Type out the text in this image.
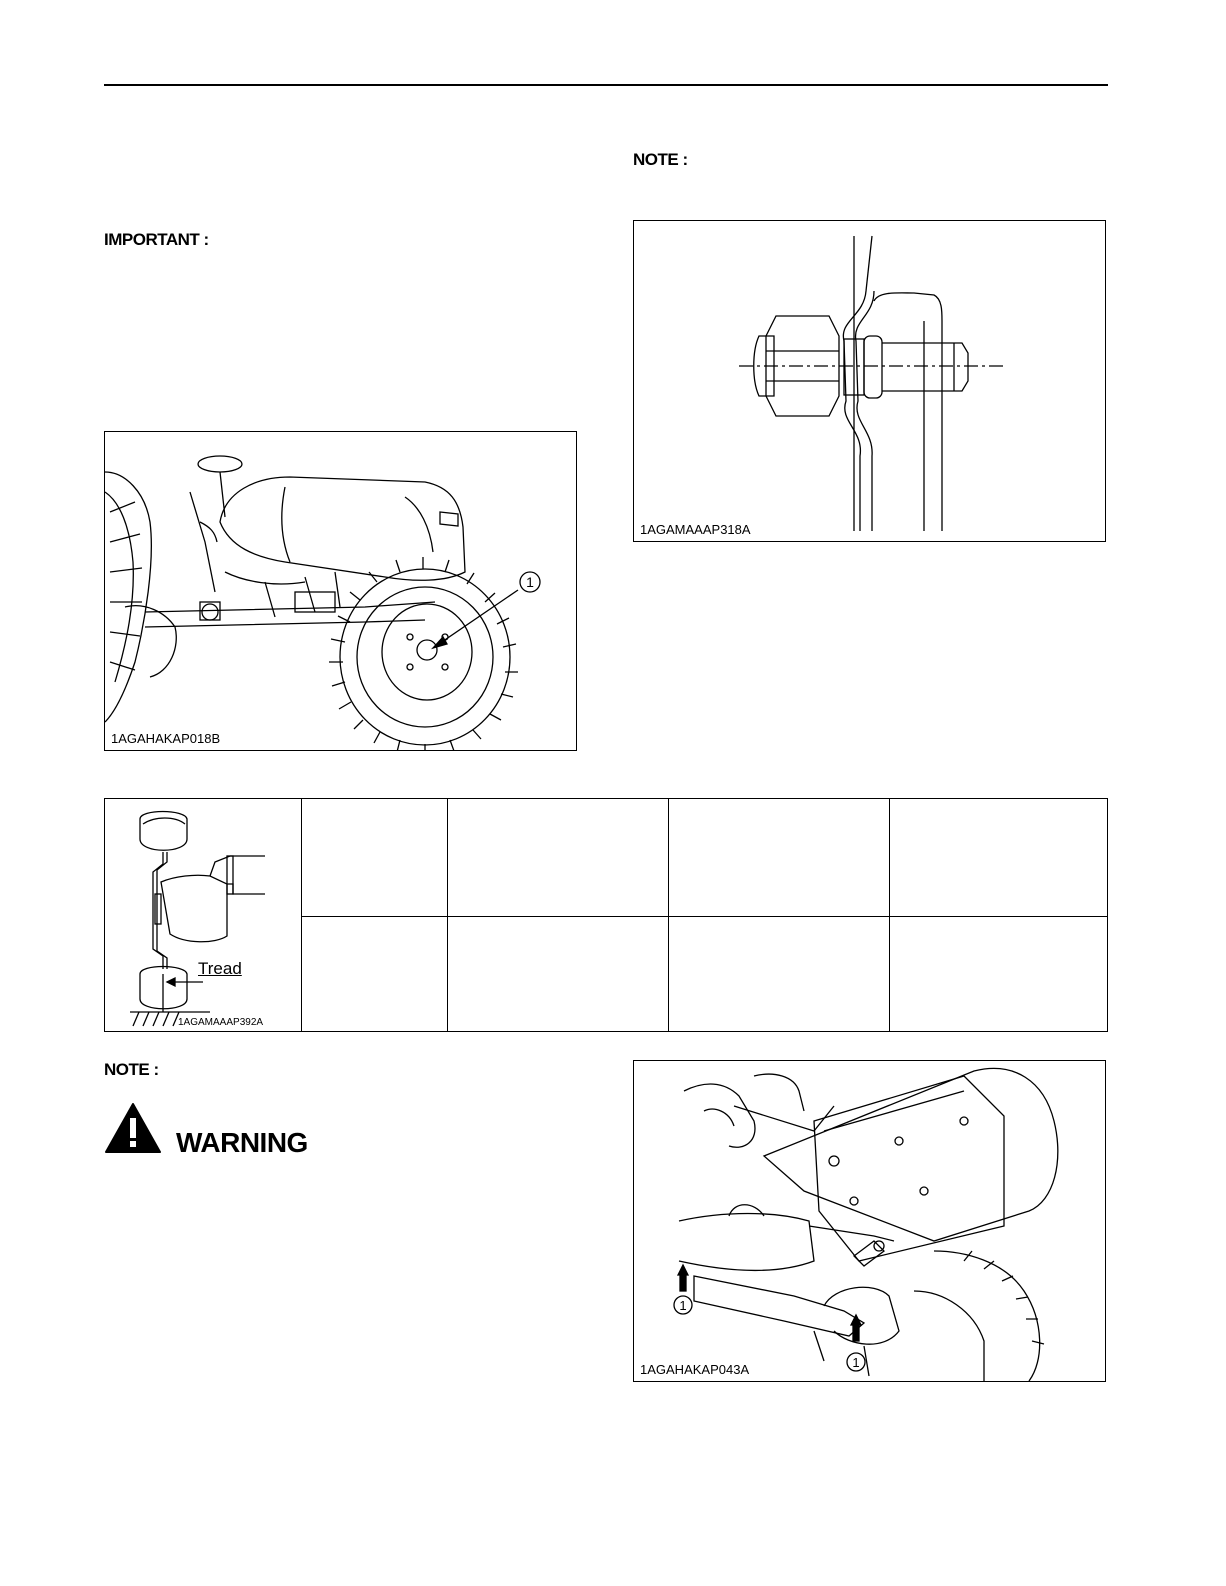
IMPORTANT :
NOTE :
1
1AGAHAKAP018B
1AGAMAAAP318A
Tread
1AGAMAAAP392A
NOTE :
WARNING
1
1
1AGAHAKAP043A
